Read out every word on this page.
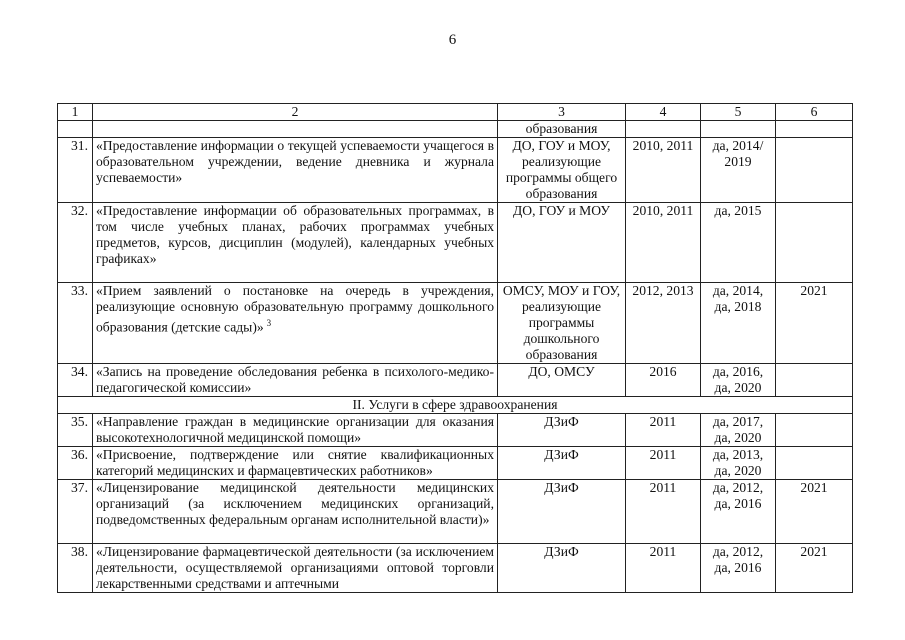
6
1	2	3	4	5	6
		образования			
31.	«Предоставление информации о текущей успеваемости учащегося в образовательном учреждении, ведение дневника и журнала успеваемости»	ДО, ГОУ и МОУ, реализующие программы общего образования	2010, 2011	да, 2014/
2019	
32.	«Предоставление информации об образовательных программах, в том числе учебных планах, рабочих программах учебных предметов, курсов, дисциплин (модулей), календарных учебных графиках»	ДО, ГОУ и МОУ	2010, 2011	да, 2015	
33.	«Прием заявлений о постановке на очередь в учреждения, реализующие основную образовательную программу дошкольного образования (детские сады)» $^3$	ОМСУ, МОУ и ГОУ, реализующие программы дошкольного образования	2012, 2013	да, 2014,
да, 2018	2021
34.	«Запись на проведение обследования ребенка в психолого-медико-педагогической комиссии»	ДО, ОМСУ	2016	да, 2016,
да, 2020	
II. Услуги в сфере здравоохранения					
35.	«Направление граждан в медицинские организации для оказания высокотехнологичной медицинской помощи»	ДЗиФ	2011	да, 2017,
да, 2020	
36.	«Присвоение, подтверждение или снятие квалификационных категорий медицинских и фармацевтических работников»	ДЗиФ	2011	да, 2013,
да, 2020	
37.	«Лицензирование медицинской деятельности медицинских организаций (за исключением медицинских организаций, подведомственных федеральным органам исполнительной власти)»	ДЗиФ	2011	да, 2012,
да, 2016	2021
38.	«Лицензирование фармацевтической деятельности (за исключением деятельности, осуществляемой организациями оптовой торговли лекарственными средствами и аптечными	ДЗиФ	2011	да, 2012,
да, 2016	2021
